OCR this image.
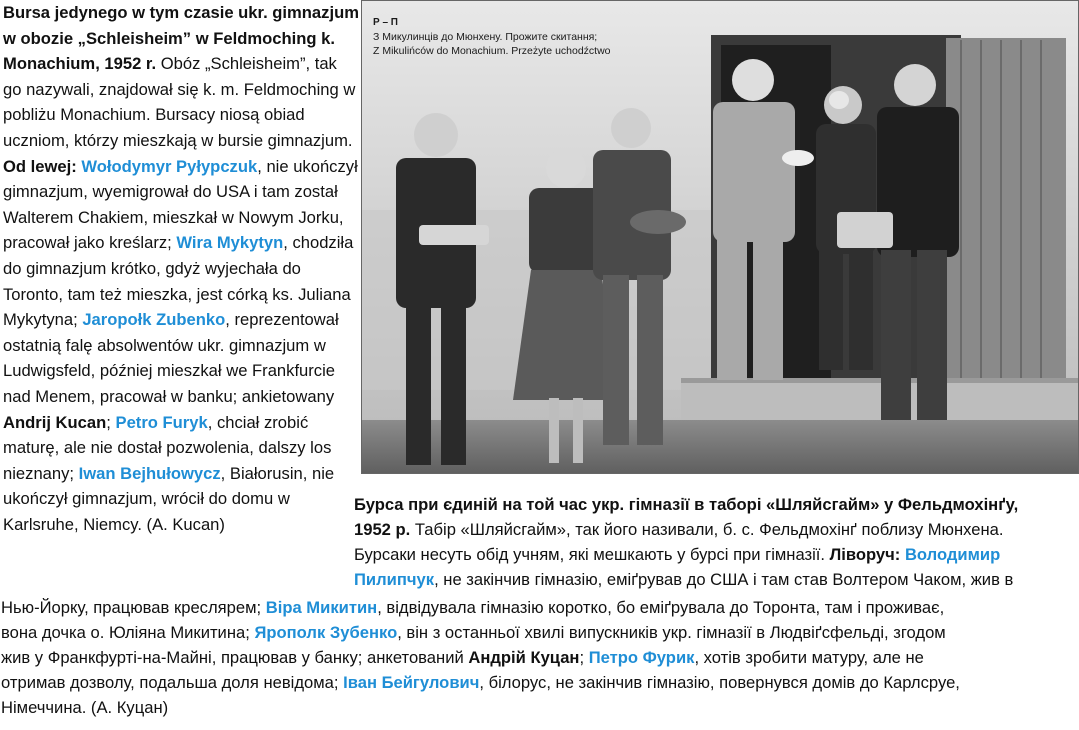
Bursa jedynego w tym czasie ukr. gimnazjum w obozie „Schleisheim” w Feldmoching k. Monachium, 1952 r. Obóz „Schleisheim”, tak go nazywali, znajdował się k. m. Feldmoching w pobliżu Monachium. Bursacy niosą obiad uczniom, którzy mieszkają w bursie gimnazjum. Od lewej: Wołodymyr Pyłypczuk, nie ukończył gimnazjum, wyemigrował do USA i tam został Walterem Chakiem, mieszkał w Nowym Jorku, pracował jako kreślarz; Wira Mykytyn, chodziła do gimnazjum krótko, gdyż wyjechała do Toronto, tam też mieszka, jest córką ks. Juliana Mykytyna; Jaropołk Zubenko, reprezentował ostatnią falę absolwentów ukr. gimnazjum w Ludwigsfeld, później mieszkał we Frankfurcie nad Menem, pracował w banku; ankietowany Andrij Kucan; Petro Furyk, chciał zrobić maturę, ale nie dostał pozwolenia, dalszy los nieznany; Iwan Bejhułowycz, Białorusin, nie ukończył gimnazjum, wrócił do domu w Karlsruhe, Niemcy. (A. Kucan)
Р – П
З Микулинців до Мюнхену. Прожите скитання;
Z Mikulińców do Monachium. Przeżyte uchodźctwo
Бурса при єдиній на той час укр. гімназії в таборі «Шляйсгайм» у Фельдмохінґу,
1952 р. Табір «Шляйсгайм», так його називали, б. с. Фельдмохінґ поблизу Мюнхена.
Бурсаки несуть обід учням, які мешкають у бурсі при гімназії. Ліворуч: Володимир
Пилипчук, не закінчив гімназію, еміґрував до США і там став Волтером Чаком, жив в
Нью-Йорку, працював креслярем; Віра Микитин, відвідувала гімназію коротко, бо еміґрувала до Торонта, там і проживає,
вона дочка о. Юліяна Микитина; Ярополк Зубенко, він з останньої хвилі випускників укр. гімназії в Людвіґсфельді, згодом
жив у Франкфурті-на-Майні, працював у банку; анкетований Андрій Куцан; Петро Фурик, хотів зробити матуру, але не
отримав дозволу, подальша доля невідома; Іван Бейгулович, білорус, не закінчив гімназію, повернувся домів до Карлсруе,
Німеччина. (А. Куцан)
